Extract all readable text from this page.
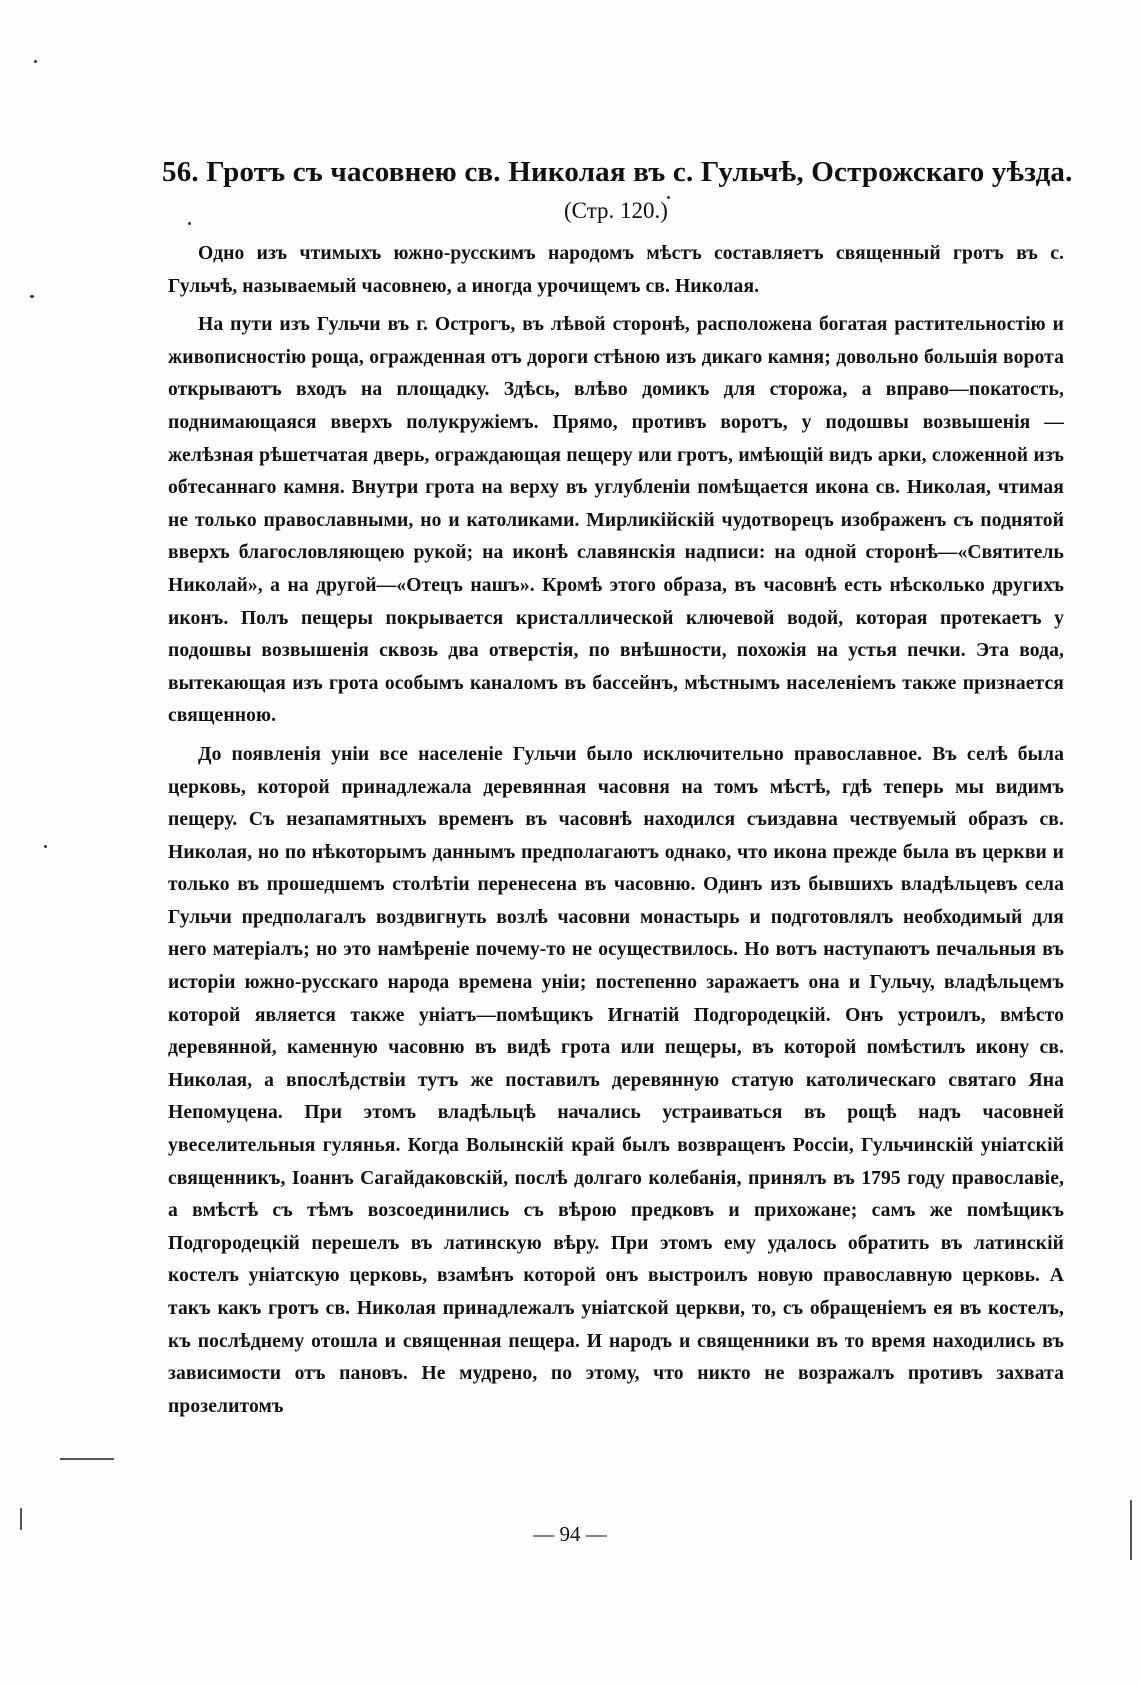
56. Гротъ съ часовнею св. Николая въ с. Гульчѣ, Острожскаго уѣзда.
(Стр. 120.)

Одно изъ чтимыхъ южно-русскимъ народомъ мѣстъ составляетъ священный гротъ въ с. Гульчѣ, называемый часовнею, а иногда урочищемъ св. Николая.

На пути изъ Гульчи въ г. Острогъ, въ лѣвой сторонѣ, расположена богатая растительностію и живописностію роща, огражденная отъ дороги стѣною изъ дикаго камня; довольно большія ворота открываютъ входъ на площадку. Здѣсь, влѣво домикъ для сторожа, а вправо—покатость, поднимающаяся вверхъ полукружіемъ. Прямо, противъ воротъ, у подошвы возвышенія —желѣзная рѣшетчатая дверь, ограждающая пещеру или гротъ, имѣющій видъ арки, сложенной изъ обтесаннаго камня. Внутри грота на верху въ углубленіи помѣщается икона св. Николая, чтимая не только православными, но и католиками. Мирликійскій чудотворецъ изображенъ съ поднятой вверхъ благословляющею рукой; на иконѣ славянскія надписи: на одной сторонѣ—«Святитель Николай», а на другой—«Отецъ нашъ». Кромѣ этого образа, въ часовнѣ есть нѣсколько другихъ иконъ. Полъ пещеры покрывается кристаллической ключевой водой, которая протекаетъ у подошвы возвышенія сквозь два отверстія, по внѣшности, похожія на устья печки. Эта вода, вытекающая изъ грота особымъ каналомъ въ бассейнъ, мѣстнымъ населеніемъ также признается священною.

До появленія уніи все населеніе Гульчи было исключительно православное. Въ селѣ была церковь, которой принадлежала деревянная часовня на томъ мѣстѣ, гдѣ теперь мы видимъ пещеру. Съ незапамятныхъ временъ въ часовнѣ находился съиздавна чествуемый образъ св. Николая, но по нѣкоторымъ даннымъ предполагаютъ однако, что икона прежде была въ церкви и только въ прошедшемъ столѣтіи перенесена въ часовню. Одинъ изъ бывшихъ владѣльцевъ села Гульчи предполагалъ воздвигнуть возлѣ часовни монастырь и подготовлялъ необходимый для него матеріалъ; но это намѣреніе почему-то не осуществилось. Но вотъ наступаютъ печальныя въ исторіи южно-русскаго народа времена уніи; постепенно заражаетъ она и Гульчу, владѣльцемъ которой является также уніатъ—помѣщикъ Игнатій Подгородецкій. Онъ устроилъ, вмѣсто деревянной, каменную часовню въ видѣ грота или пещеры, въ которой помѣстилъ икону св. Николая, а впослѣдствіи тутъ же поставилъ деревянную статую католическаго святаго Яна Непомуцена. При этомъ владѣльцѣ начались устраиваться въ рощѣ надъ часовней увеселительныя гулянья. Когда Волынскій край былъ возвращенъ Россіи, Гульчинскій уніатскій священникъ, Іоаннъ Сагайдаковскій, послѣ долгаго колебанія, принялъ въ 1795 году православіе, а вмѣстѣ съ тѣмъ возсоединились съ вѣрою предковъ и прихожане; самъ же помѣщикъ Подгородецкій перешелъ въ латинскую вѣру. При этомъ ему удалось обратить въ латинскій костелъ уніатскую церковь, взамѣнъ которой онъ выстроилъ новую православную церковь. А такъ какъ гротъ св. Николая принадлежалъ уніатской церкви, то, съ обращеніемъ ея въ костелъ, къ послѣднему отошла и священная пещера. И народъ и священники въ то время находились въ зависимости отъ пановъ. Не мудрено, по этому, что никто не возражалъ противъ захвата прозелитомъ

— 94 —
